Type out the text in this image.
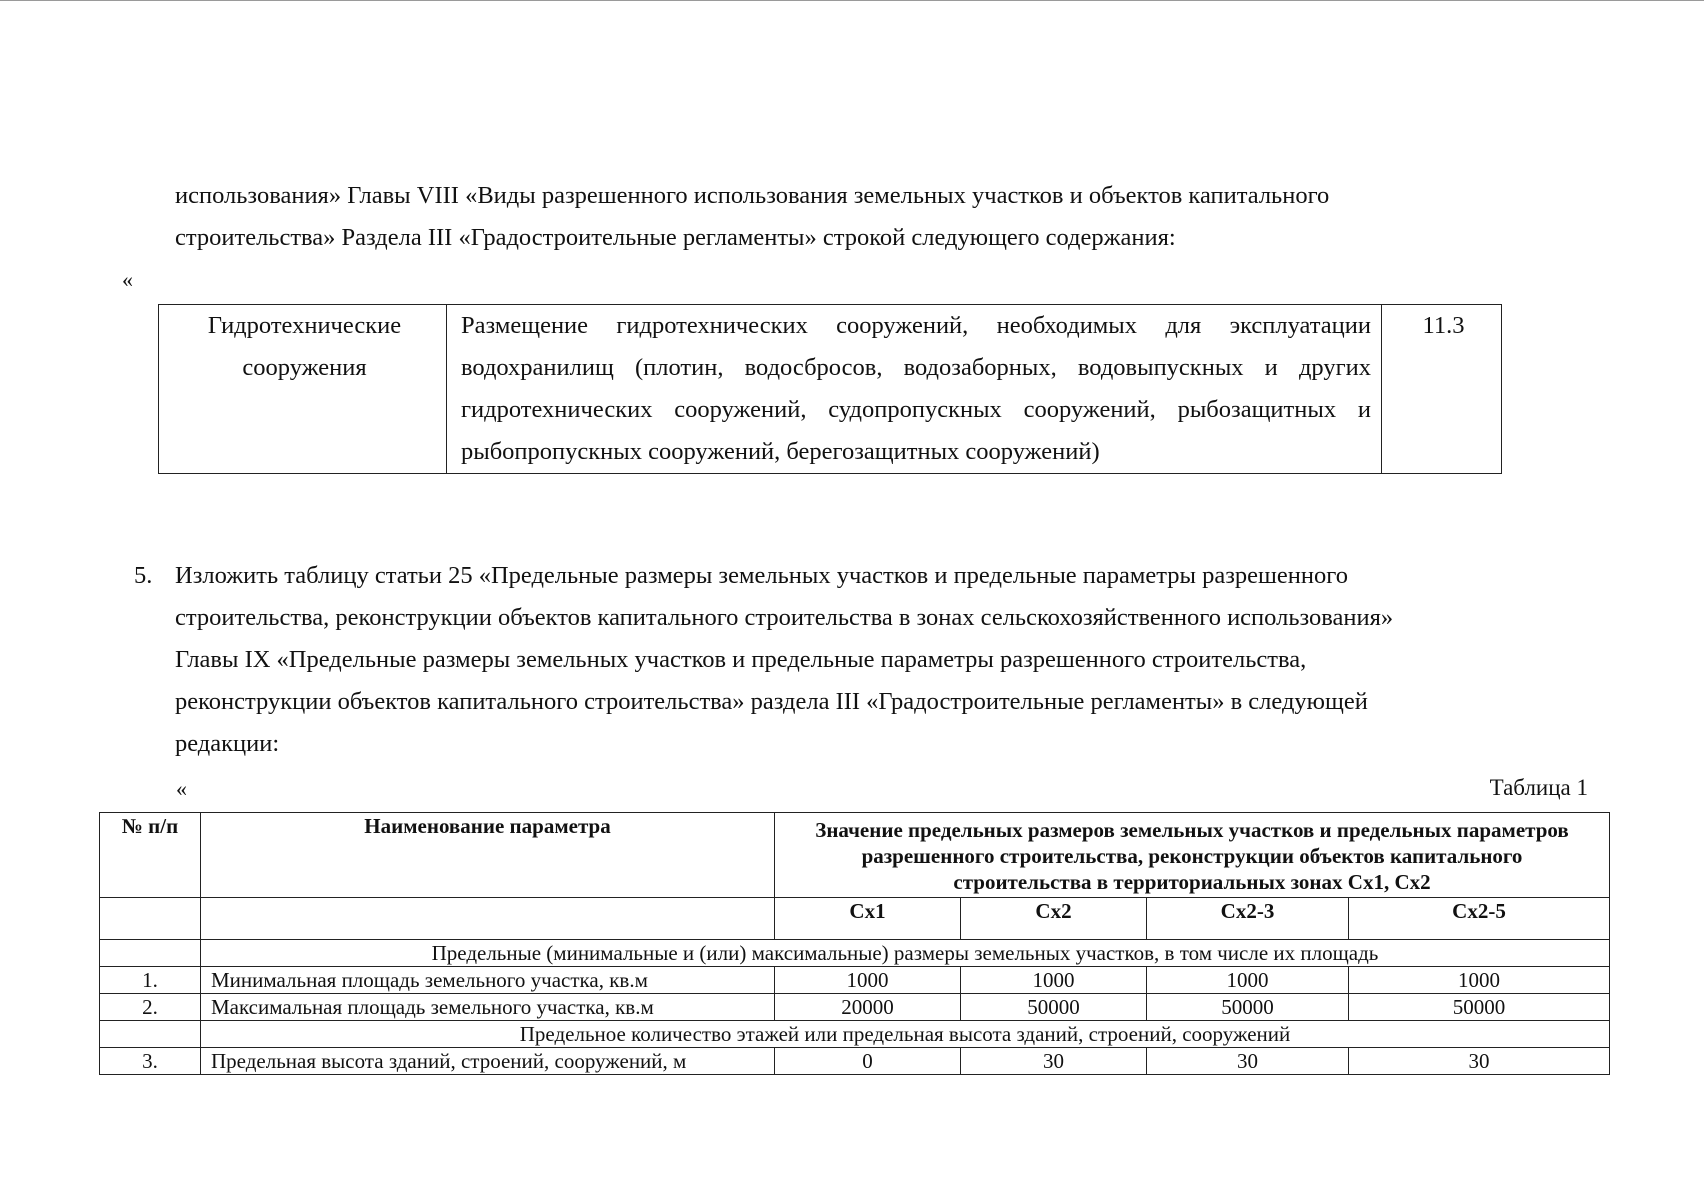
использования» Главы VIII «Виды разрешенного использования земельных участков и объектов капитального

строительства» Раздела III «Градостроительные регламенты» строкой следующего содержания:

«
Гидротехнические сооружения	Размещение гидротехнических сооружений, необходимых для эксплуатации водохранилищ (плотин, водосбросов, водозаборных, водовыпускных и других гидротехнических сооружений, судопропускных сооружений, рыбозащитных и рыбопропускных сооружений, берегозащитных сооружений)	11.3
5. Изложить таблицу статьи 25 «Предельные размеры земельных участков и предельные параметры разрешенного

строительства, реконструкции объектов капитального строительства в зонах сельскохозяйственного использования»

Главы IX «Предельные размеры земельных участков и предельные параметры разрешенного строительства,

реконструкции объектов капитального строительства» раздела III «Градостроительные регламенты» в следующей

редакции:

«	Таблица 1
№ п/п	Наименование параметра	Значение предельных размеров земельных участков и предельных параметров разрешенного строительства, реконструкции объектов капитального строительства в территориальных зонах Сх1, Сх2			
		Сх1	Сх2	Сх2-3	Сх2-5
	Предельные (минимальные и (или) максимальные) размеры земельных участков, в том числе их площадь				
1.	Минимальная площадь земельного участка, кв.м	1000	1000	1000	1000
2.	Максимальная площадь земельного участка, кв.м	20000	50000	50000	50000
	Предельное количество этажей или предельная высота зданий, строений, сооружений				
3.	Предельная высота зданий, строений, сооружений, м	0	30	30	30
